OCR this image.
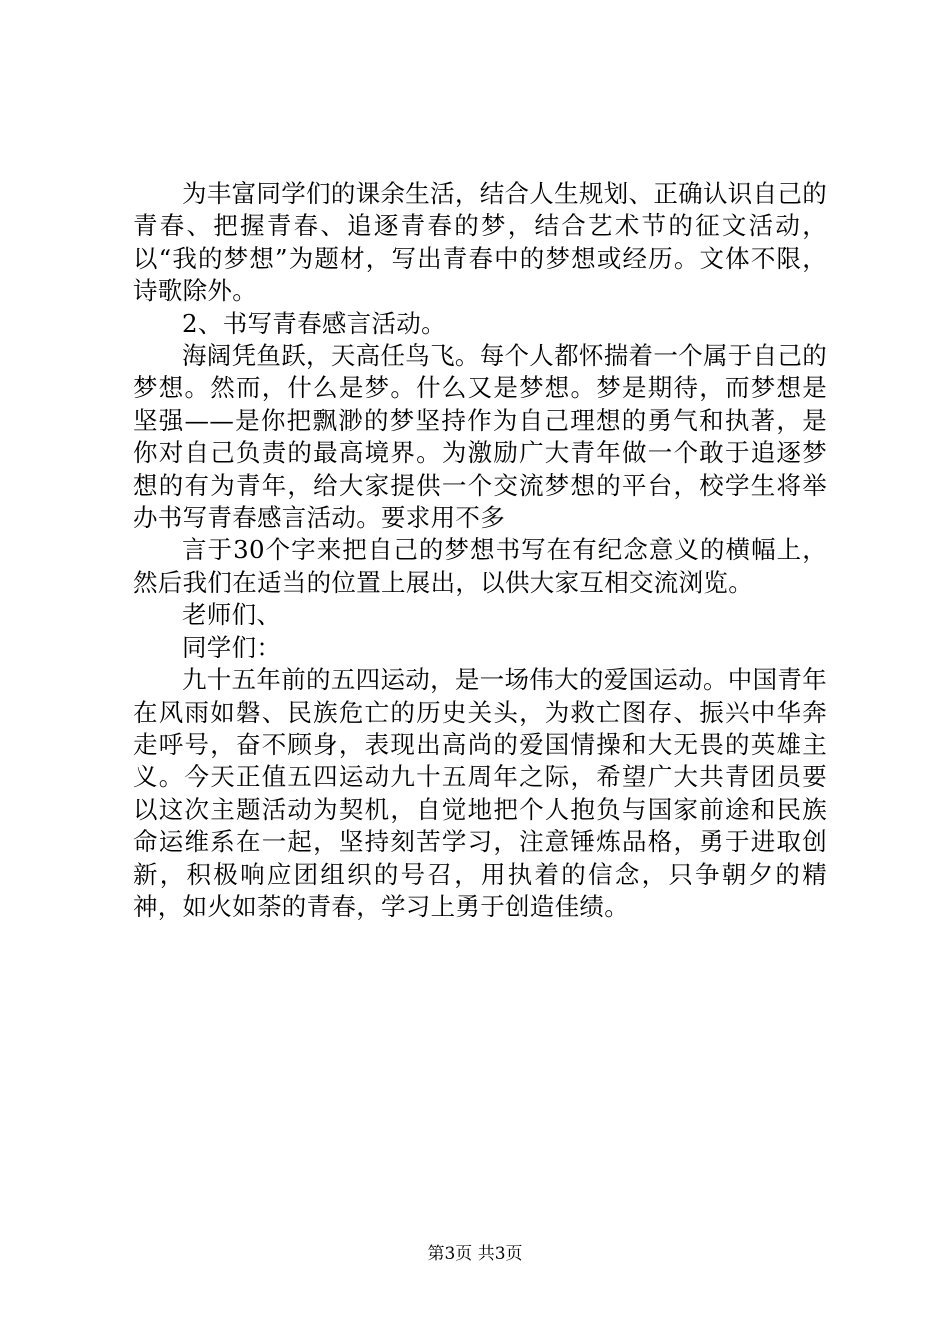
为丰富同学们的课余生活，结合人生规划、正确认识自己的青春、把握青春、追逐青春的梦，结合艺术节的征文活动，以“我的梦想”为题材，写出青春中的梦想或经历。文体不限，诗歌除外。

2、书写青春感言活动。

海阔凭鱼跃，天高任鸟飞。每个人都怀揣着一个属于自己的梦想。然而，什么是梦。什么又是梦想。梦是期待，而梦想是坚强——是你把飘渺的梦坚持作为自己理想的勇气和执著，是你对自己负责的最高境界。为激励广大青年做一个敢于追逐梦想的有为青年，给大家提供一个交流梦想的平台，校学生将举办书写青春感言活动。要求用不多

言于30个字来把自己的梦想书写在有纪念意义的横幅上，然后我们在适当的位置上展出，以供大家互相交流浏览。

老师们、

同学们：

九十五年前的五四运动，是一场伟大的爱国运动。中国青年在风雨如磐、民族危亡的历史关头，为救亡图存、振兴中华奔走呼号，奋不顾身，表现出高尚的爱国情操和大无畏的英雄主义。今天正值五四运动九十五周年之际，希望广大共青团员要以这次主题活动为契机，自觉地把个人抱负与国家前途和民族命运维系在一起，坚持刻苦学习，注意锤炼品格，勇于进取创新，积极响应团组织的号召，用执着的信念，只争朝夕的精神，如火如荼的青春，学习上勇于创造佳绩。

第3页 共3页
